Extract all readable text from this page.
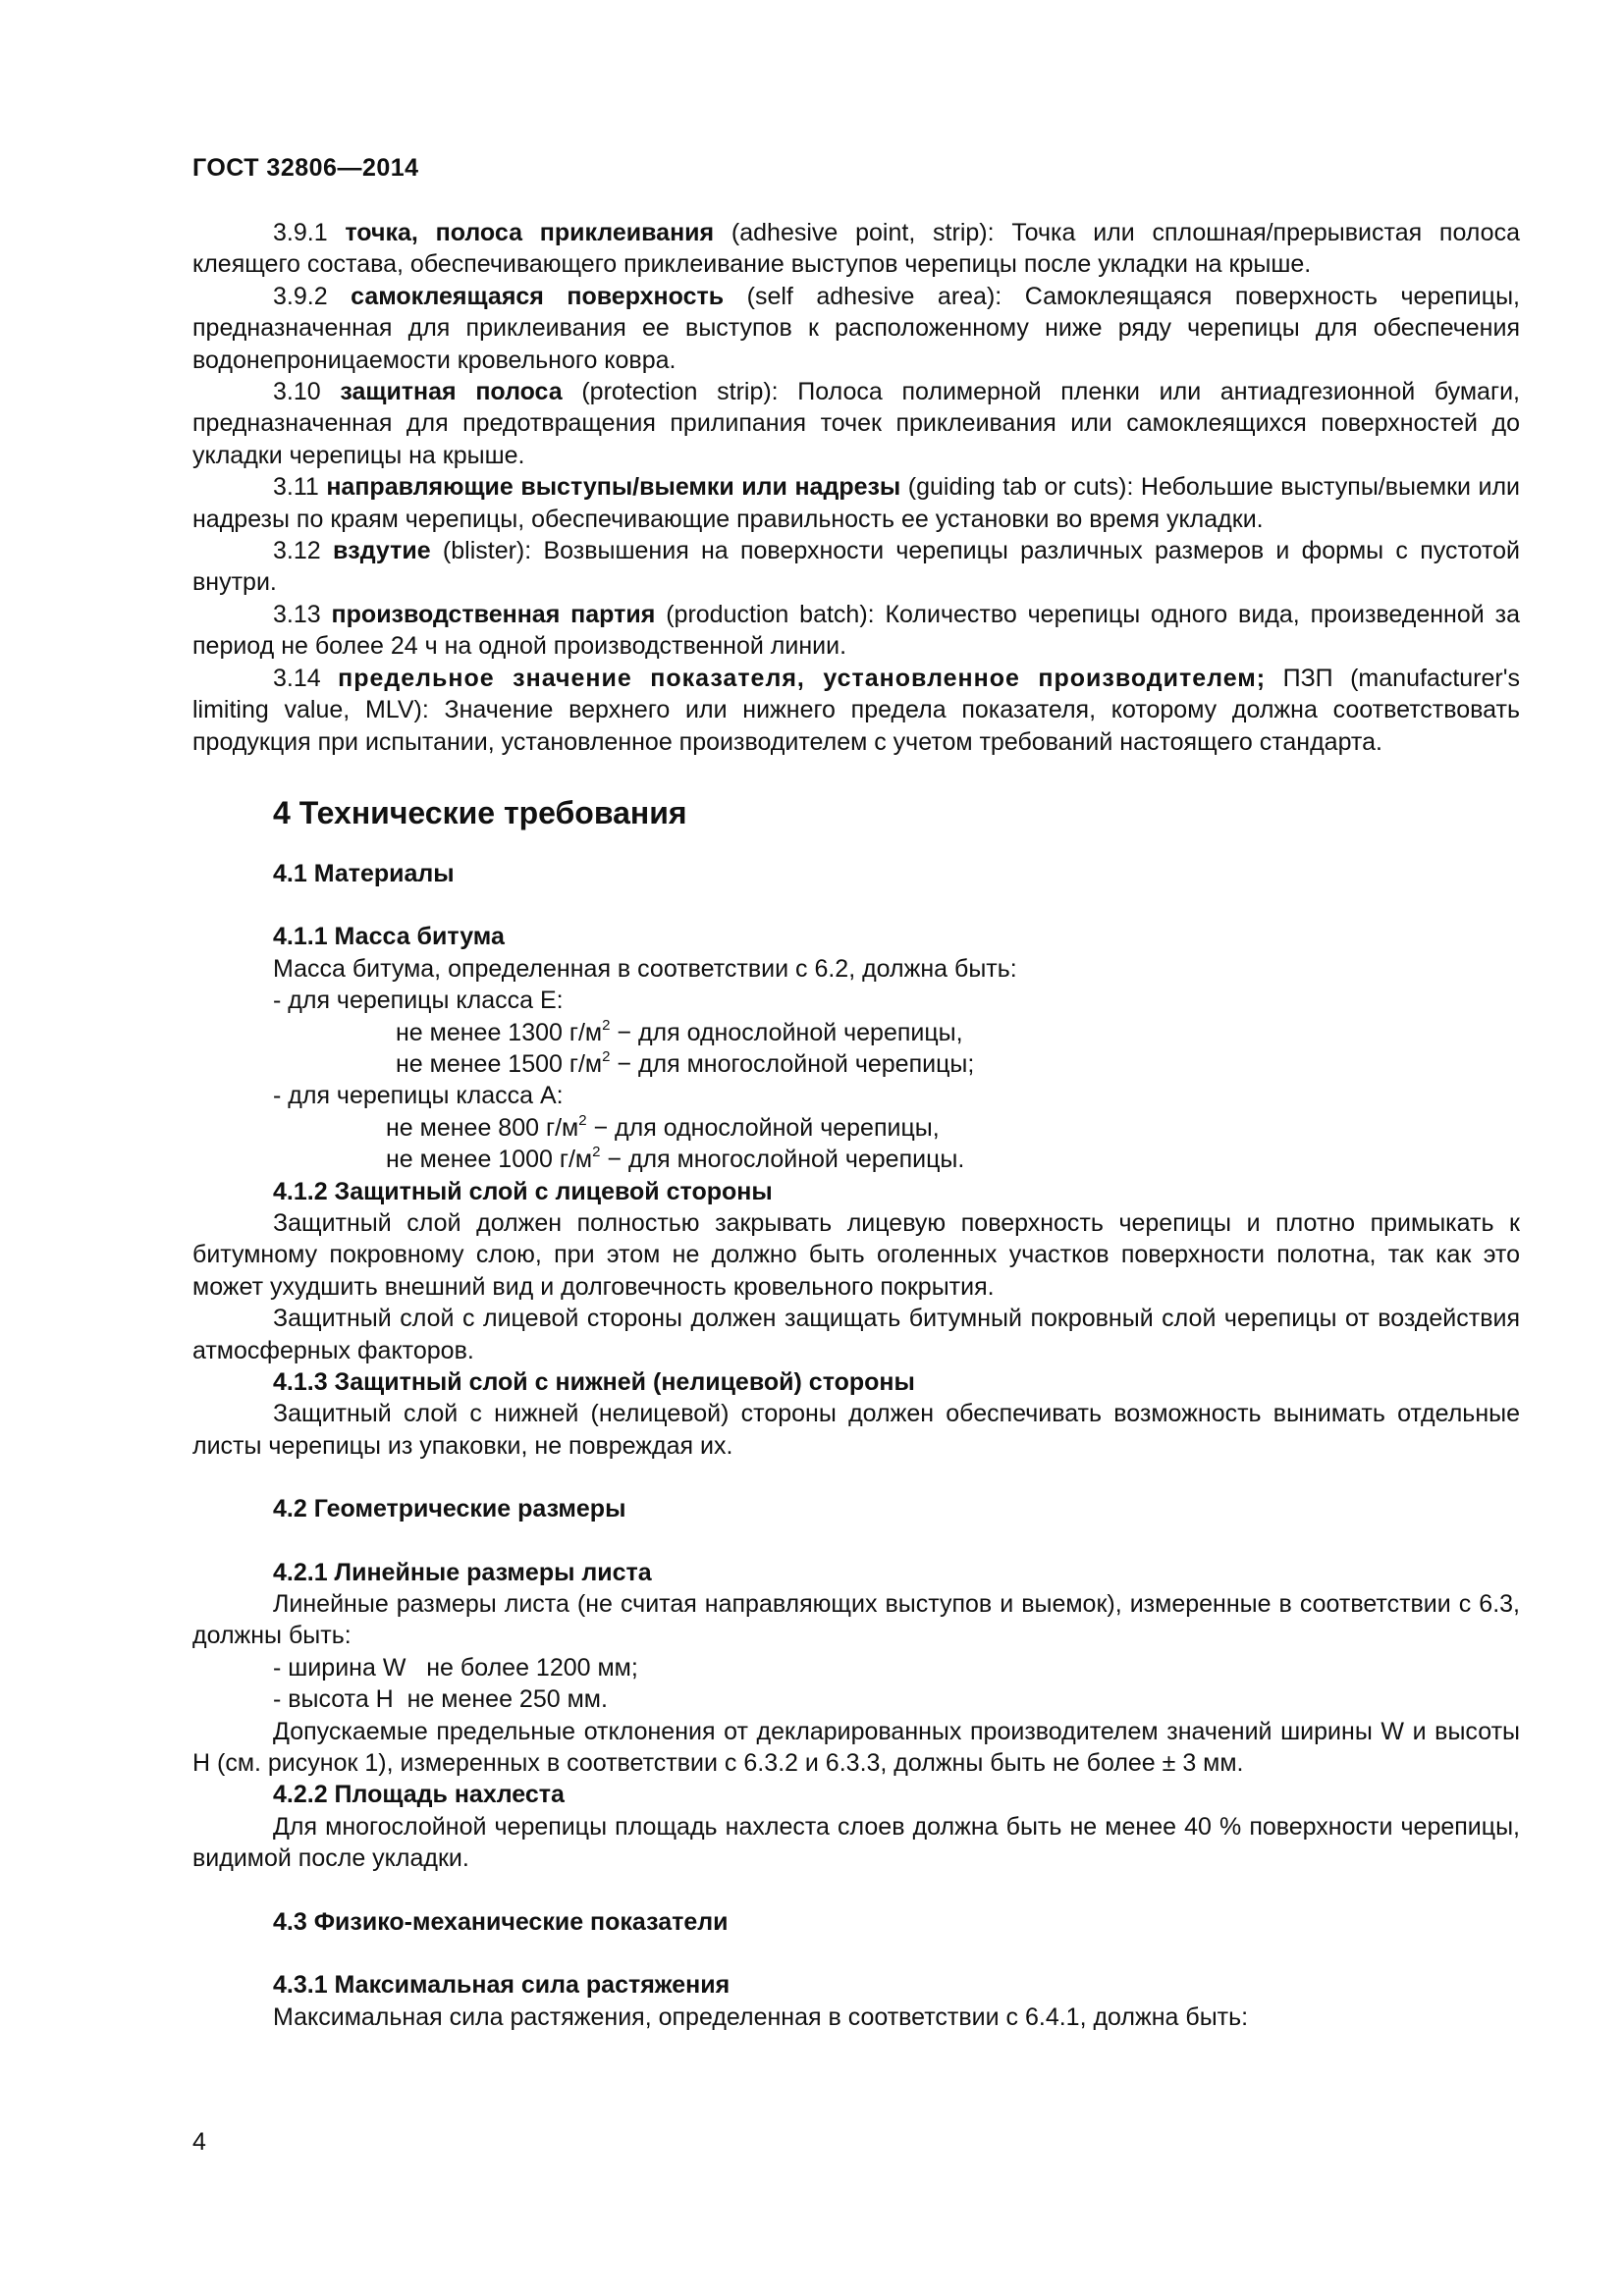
ГОСТ 32806—2014

3.9.1 точка, полоса приклеивания (adhesive point, strip): Точка или сплошная/прерывистая полоса клеящего состава, обеспечивающего приклеивание выступов черепицы после укладки на крыше.

3.9.2 самоклеящаяся поверхность (self adhesive area): Самоклеящаяся поверхность черепицы, предназначенная для приклеивания ее выступов к расположенному ниже ряду черепицы для обеспечения водонепроницаемости кровельного ковра.

3.10 защитная полоса (protection strip): Полоса полимерной пленки или антиадгезионной бумаги, предназначенная для предотвращения прилипания точек приклеивания или самоклеящихся поверхностей до укладки черепицы на крыше.

3.11 направляющие выступы/выемки или надрезы (guiding tab or cuts): Небольшие выступы/выемки или надрезы по краям черепицы, обеспечивающие правильность ее установки во время укладки.

3.12 вздутие (blister): Возвышения на поверхности черепицы различных размеров и формы с пустотой внутри.

3.13 производственная партия (production batch): Количество черепицы одного вида, произведенной за период не более 24 ч на одной производственной линии.

3.14 предельное значение показателя, установленное производителем; ПЗП (manufacturer's limiting value, MLV): Значение верхнего или нижнего предела показателя, которому должна соответствовать продукция при испытании, установленное производителем с учетом требований настоящего стандарта.

4 Технические требования
4.1 Материалы
4.1.1 Масса битума

Масса битума, определенная в соответствии с 6.2, должна быть:

- для черепицы класса Е:

не менее 1300 $г/м^2$ − для однослойной черепицы,

не менее 1500 $г/м^2$ − для многослойной черепицы;

- для черепицы класса А:

не менее 800 $г/м^2$ − для однослойной черепицы,

не менее 1000 $г/м^2$ − для многослойной черепицы.

4.1.2 Защитный слой с лицевой стороны

Защитный слой должен полностью закрывать лицевую поверхность черепицы и плотно примыкать к битумному покровному слою, при этом не должно быть оголенных участков поверхности полотна, так как это может ухудшить внешний вид и долговечность кровельного покрытия.

Защитный слой с лицевой стороны должен защищать битумный покровный слой черепицы от воздействия атмосферных факторов.

4.1.3 Защитный слой с нижней (нелицевой) стороны

Защитный слой с нижней (нелицевой) стороны должен обеспечивать возможность вынимать отдельные листы черепицы из упаковки, не повреждая их.

4.2 Геометрические размеры
4.2.1 Линейные размеры листа

Линейные размеры листа (не считая направляющих выступов и выемок), измеренные в соответствии с 6.3, должны быть:

- ширина W   не более 1200 мм;

- высота H  не менее 250 мм.

Допускаемые предельные отклонения от декларированных производителем значений ширины W и высоты H (см. рисунок 1), измеренных в соответствии с 6.3.2 и 6.3.3, должны быть не более ± 3 мм.

4.2.2 Площадь нахлеста

Для многослойной черепицы площадь нахлеста слоев должна быть не менее 40 % поверхности черепицы, видимой после укладки.

4.3 Физико-механические показатели
4.3.1 Максимальная сила растяжения

Максимальная сила растяжения, определенная в соответствии с 6.4.1, должна быть:

4
